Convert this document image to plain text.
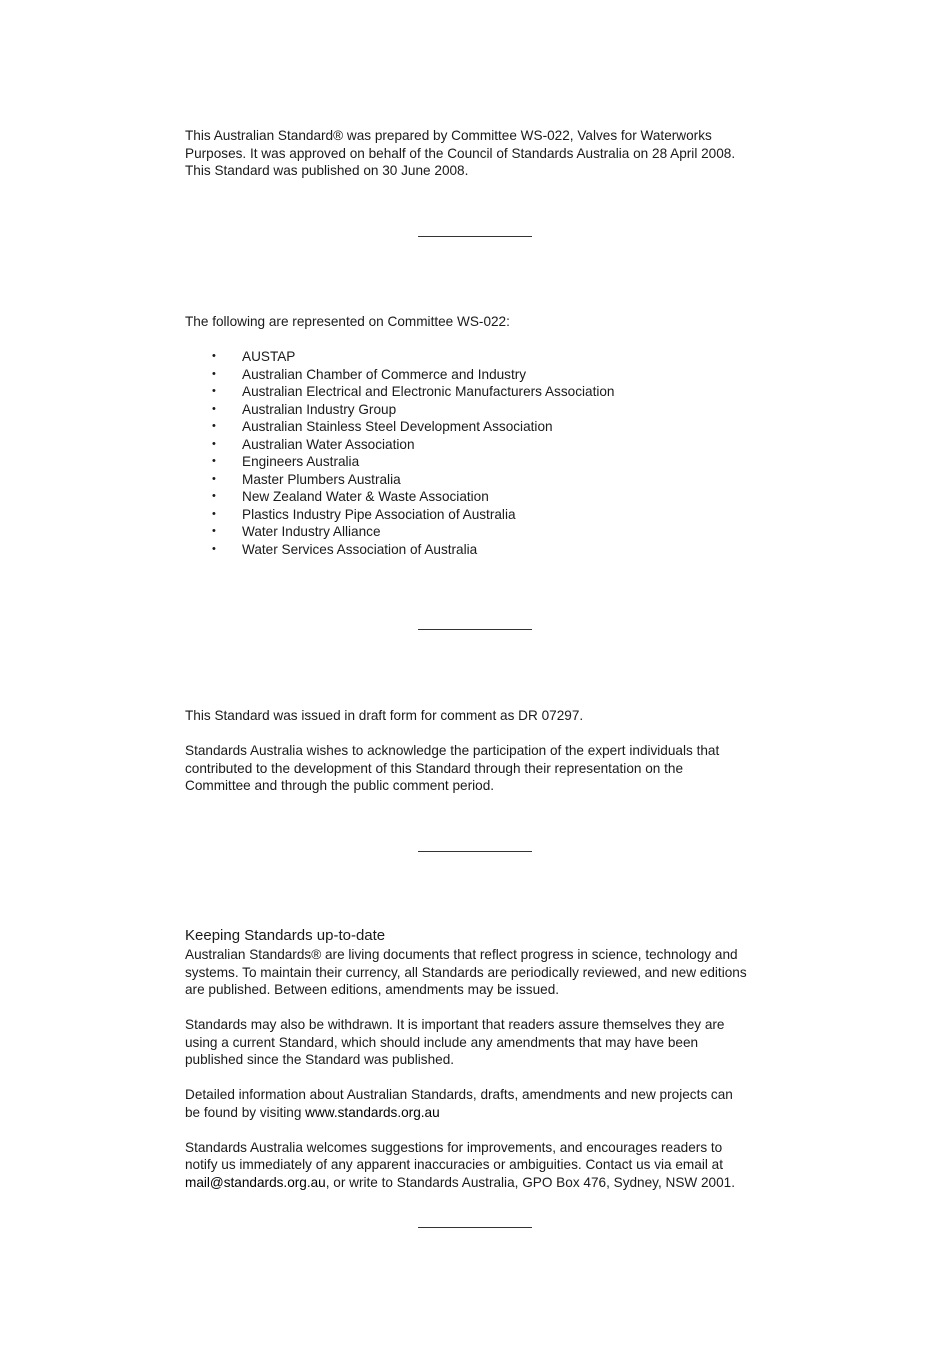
This Australian Standard® was prepared by Committee WS-022, Valves for Waterworks

Purposes. It was approved on behalf of the Council of Standards Australia on 28 April 2008.

This Standard was published on 30 June 2008.

The following are represented on Committee WS-022:

• AUSTAP
• Australian Chamber of Commerce and Industry
• Australian Electrical and Electronic Manufacturers Association
• Australian Industry Group
• Australian Stainless Steel Development Association
• Australian Water Association
• Engineers Australia
• Master Plumbers Australia
• New Zealand Water & Waste Association
• Plastics Industry Pipe Association of Australia
• Water Industry Alliance
• Water Services Association of Australia

This Standard was issued in draft form for comment as DR 07297.

Standards Australia wishes to acknowledge the participation of the expert individuals that

contributed to the development of this Standard through their representation on the

Committee and through the public comment period.

Keeping Standards up-to-date

Australian Standards® are living documents that reflect progress in science, technology and

systems. To maintain their currency, all Standards are periodically reviewed, and new editions

are published. Between editions, amendments may be issued.

Standards may also be withdrawn. It is important that readers assure themselves they are

using a current Standard, which should include any amendments that may have been

published since the Standard was published.

Detailed information about Australian Standards, drafts, amendments and new projects can

be found by visiting www.standards.org.au

Standards Australia welcomes suggestions for improvements, and encourages readers to

notify us immediately of any apparent inaccuracies or ambiguities. Contact us via email at

mail@standards.org.au, or write to Standards Australia, GPO Box 476, Sydney, NSW 2001.
